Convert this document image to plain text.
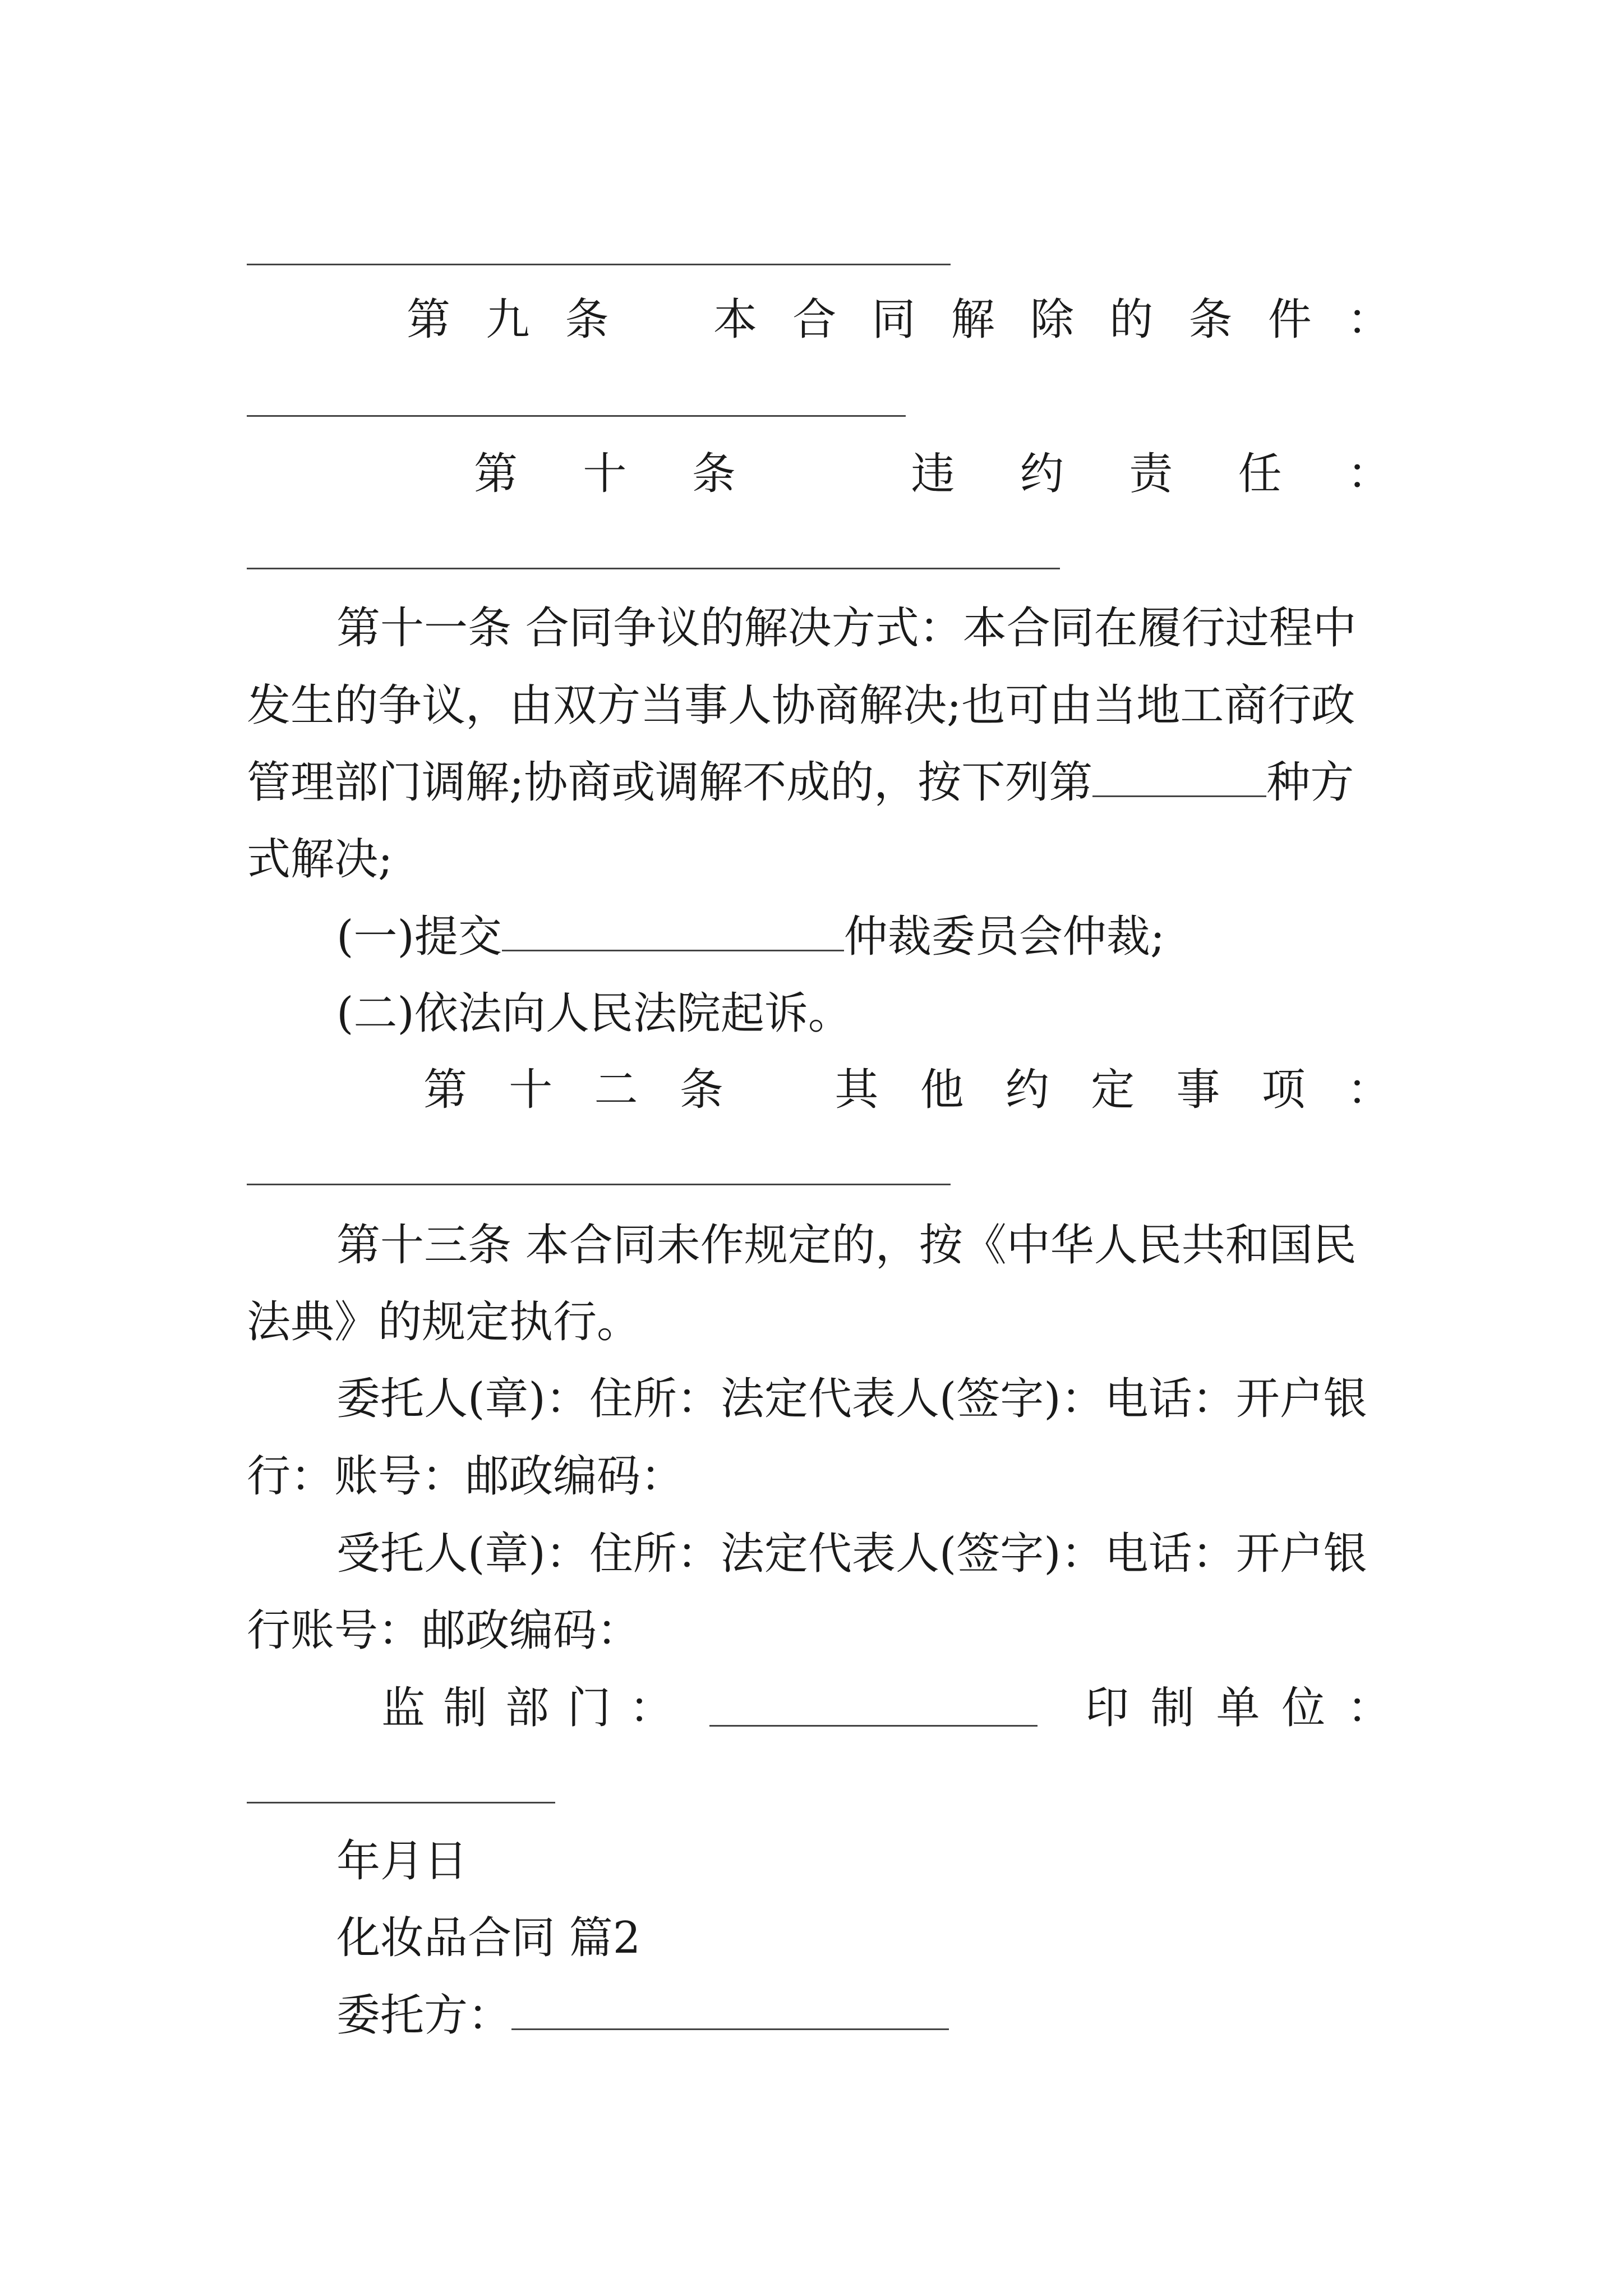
第 九 条 本 合 同 解 除 的 条 件 ：
第 十 条	违 约 责 任 ：
第十一条 合同争议的解决方式：本合同在履行过程中
发生的争议，由双方当事人协商解决;也可由当地工商行政
管理部门调解;协商或调解不成的，按下列第	种方
式解决;
(一)提交	仲裁委员会仲裁;
(二)依法向人民法院起诉。
第 十 二 条	其 他 约 定 事 项 ：
第十三条 本合同未作规定的，按《中华人民共和国民
法典》的规定执行。
委托人(章)：住所：法定代表人(签字)：电话：开户银
行：账号：邮政编码：
受托人(章)：住所：法定代表人(签字)：电话：开户银
行账号：邮政编码：
监 制 部 门 ：	印 制 单 位 ：
年月日
化妆品合同 篇2
委托方：
